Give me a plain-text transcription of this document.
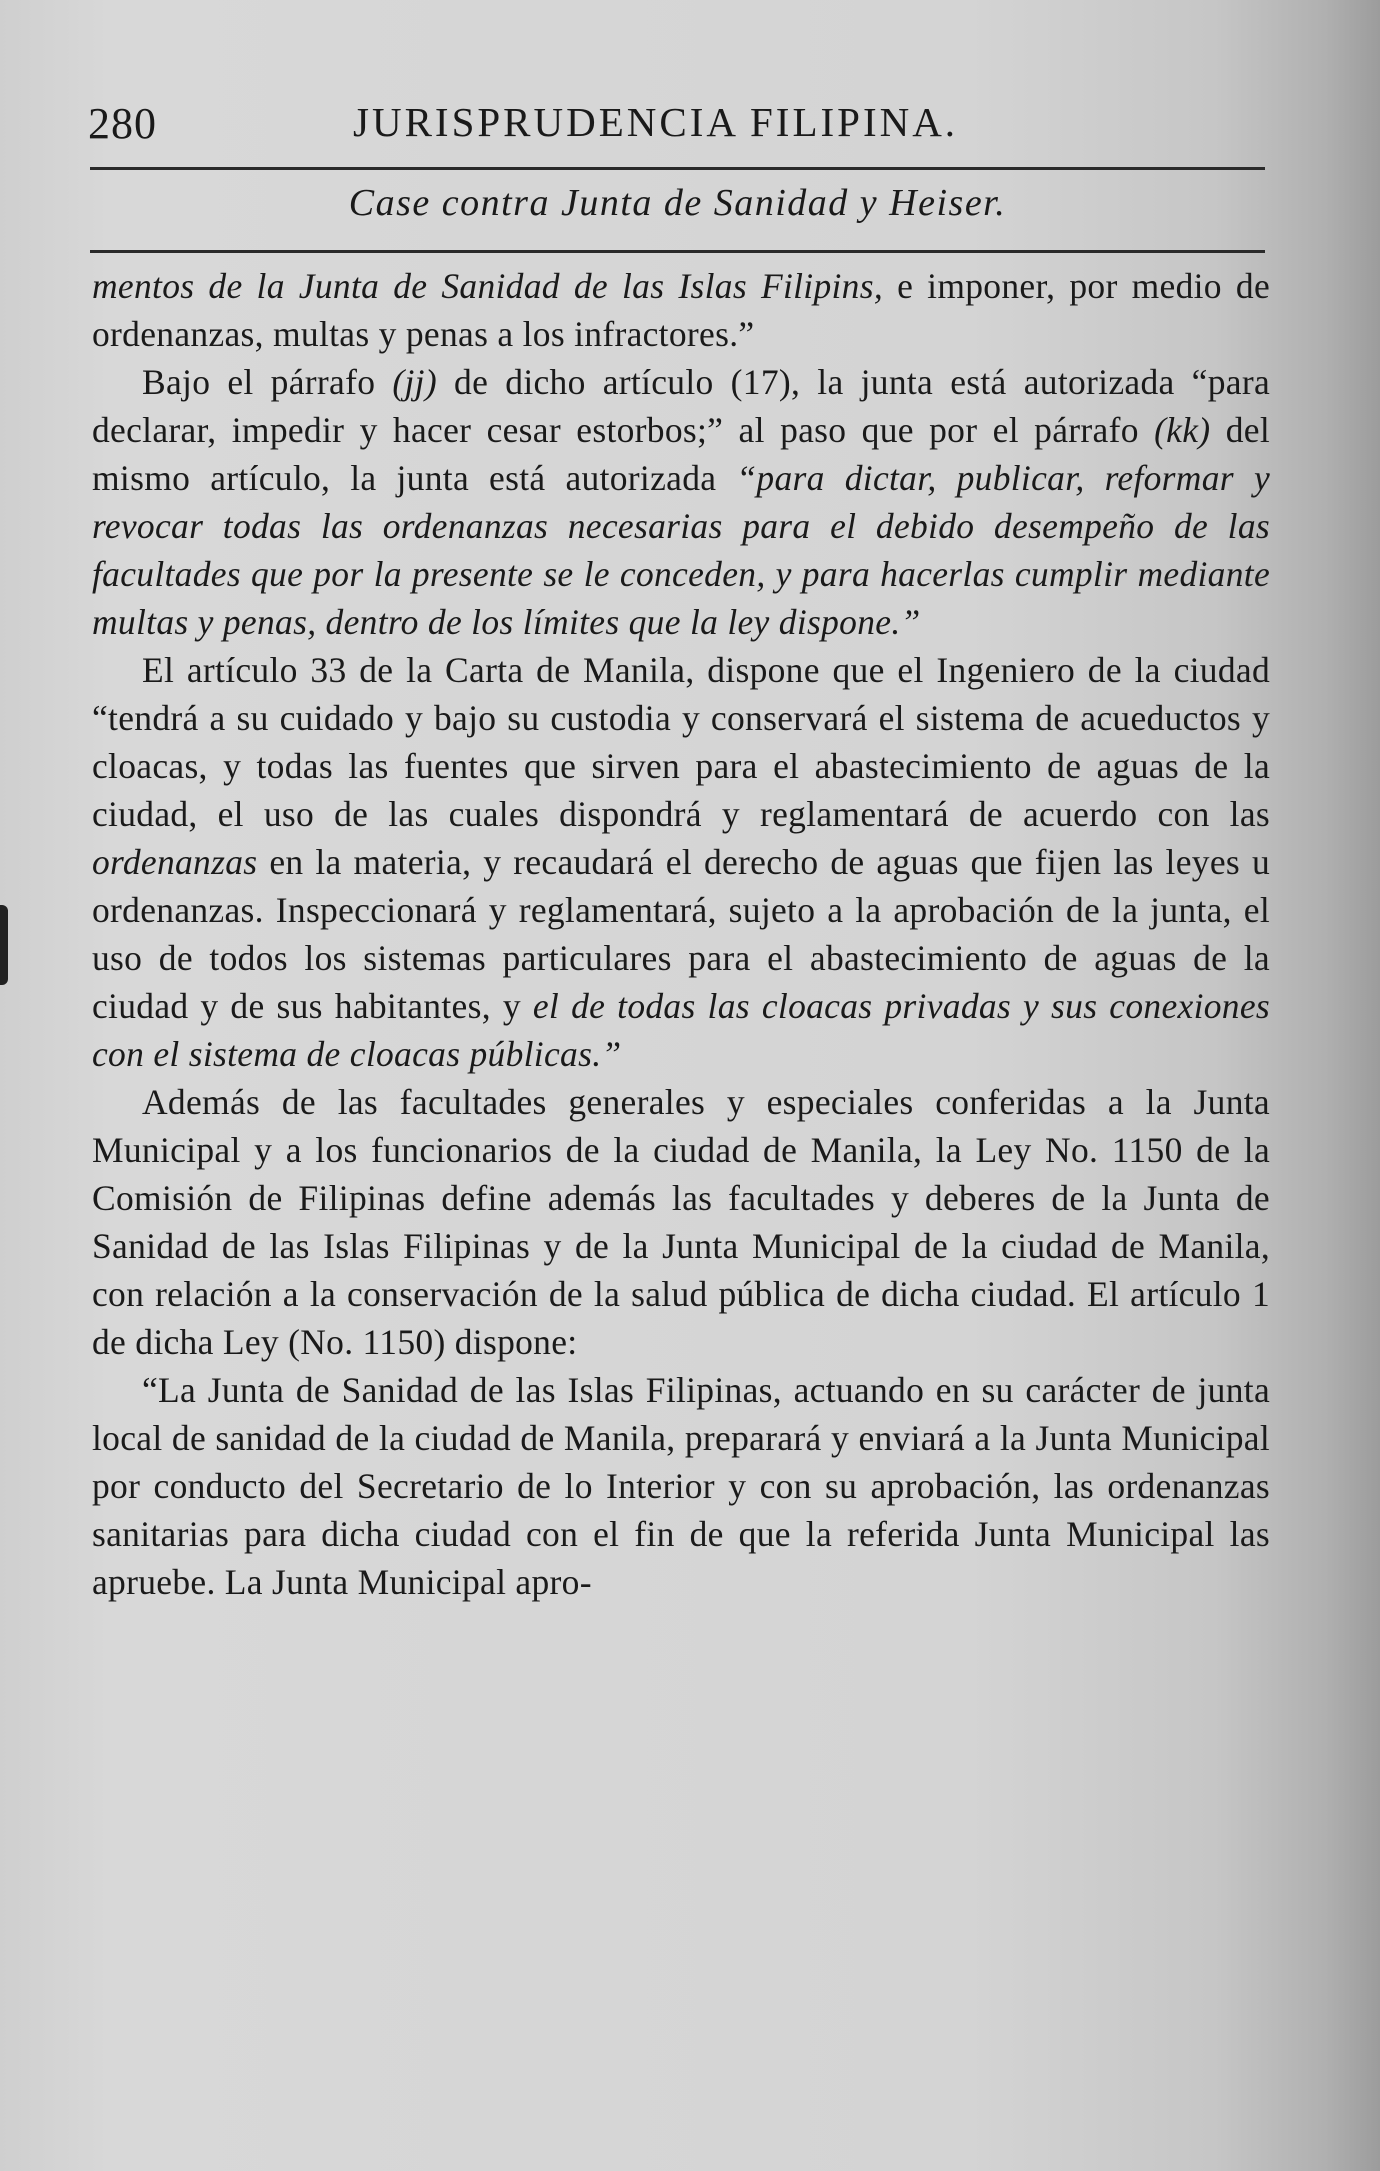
280	JURISPRUDENCIA FILIPINA.
Case contra Junta de Sanidad y Heiser.

mentos de la Junta de Sanidad de las Islas Filipins, e imponer, por medio de ordenanzas, multas y penas a los infractores.”

Bajo el párrafo (jj) de dicho artículo (17), la junta está autorizada “para declarar, impedir y hacer cesar estorbos;” al paso que por el párrafo (kk) del mismo artículo, la junta está autorizada “para dictar, publicar, reformar y revocar todas las ordenanzas necesarias para el debido desempeño de las facultades que por la presente se le conceden, y para hacerlas cumplir mediante multas y penas, dentro de los límites que la ley dispone.”

El artículo 33 de la Carta de Manila, dispone que el Ingeniero de la ciudad “tendrá a su cuidado y bajo su custodia y conservará el sistema de acueductos y cloacas, y todas las fuentes que sirven para el abastecimiento de aguas de la ciudad, el uso de las cuales dispondrá y reglamentará de acuerdo con las ordenanzas en la materia, y recaudará el derecho de aguas que fijen las leyes u ordenanzas. Inspeccionará y reglamentará, sujeto a la aprobación de la junta, el uso de todos los sistemas particulares para el abastecimiento de aguas de la ciudad y de sus habitantes, y el de todas las cloacas privadas y sus conexiones con el sistema de cloacas públicas.”

Además de las facultades generales y especiales conferidas a la Junta Municipal y a los funcionarios de la ciudad de Manila, la Ley No. 1150 de la Comisión de Filipinas define además las facultades y deberes de la Junta de Sanidad de las Islas Filipinas y de la Junta Municipal de la ciudad de Manila, con relación a la conservación de la salud pública de dicha ciudad. El artículo 1 de dicha Ley (No. 1150) dispone:

“La Junta de Sanidad de las Islas Filipinas, actuando en su carácter de junta local de sanidad de la ciudad de Manila, preparará y enviará a la Junta Municipal por conducto del Secretario de lo Interior y con su aprobación, las ordenanzas sanitarias para dicha ciudad con el fin de que la referida Junta Municipal las apruebe. La Junta Municipal apro-
